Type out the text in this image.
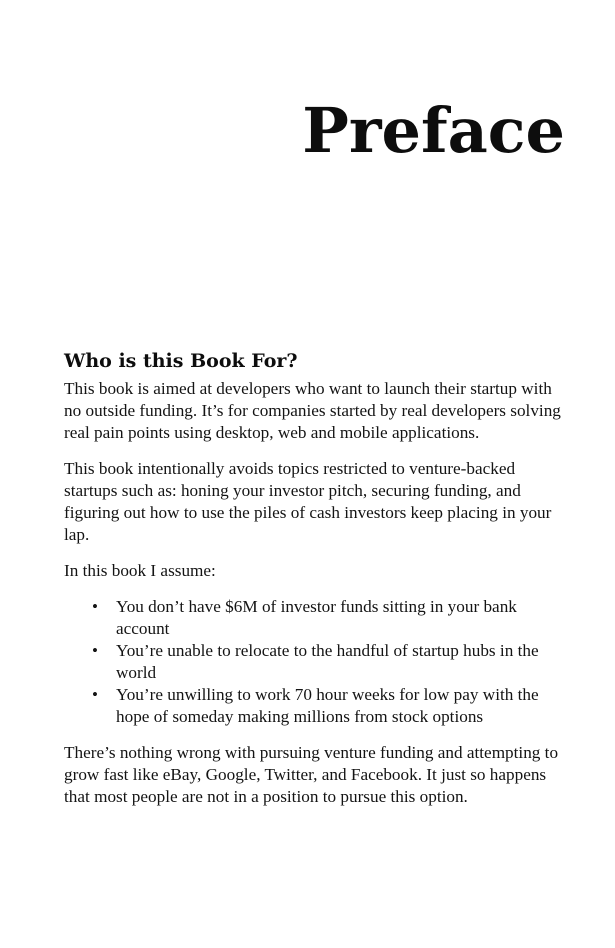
Preface
Who is this Book For?

This book is aimed at developers who want to launch their startup with no outside funding. It’s for companies started by real developers solving real pain points using desktop, web and mobile applications.

This book intentionally avoids topics restricted to venture-backed startups such as: honing your investor pitch, securing funding, and figuring out how to use the piles of cash investors keep placing in your lap.

In this book I assume:

• You don’t have $6M of investor funds sitting in your bank account
• You’re unable to relocate to the handful of startup hubs in the world
• You’re unwilling to work 70 hour weeks for low pay with the hope of someday making millions from stock options

There’s nothing wrong with pursuing venture funding and attempting to grow fast like eBay, Google, Twitter, and Facebook. It just so happens that most people are not in a position to pursue this option.
